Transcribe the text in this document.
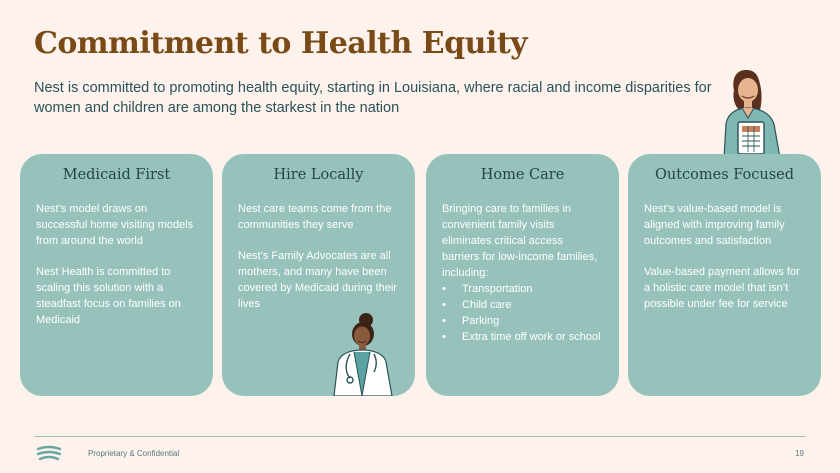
Commitment to Health Equity

Nest is committed to promoting health equity, starting in Louisiana, where racial and income disparities for women and children are among the starkest in the nation

Medicaid First

Nest’s model draws on successful home visiting models from around the world

Nest Health is committed to scaling this solution with a steadfast focus on families on Medicaid

Hire Locally

Nest care teams come from the communities they serve

Nest’s Family Advocates are all mothers, and many have been covered by Medicaid during their lives

Home Care

Bringing care to families in convenient family visits eliminates critical access barriers for low-income families, including:

• Transportation
• Child care
• Parking
• Extra time off work or school
Outcomes Focused

Nest’s value-based model is aligned with improving family outcomes and satisfaction

Value-based payment allows for a holistic care model that isn’t possible under fee for service

Proprietary & Confidential	19
